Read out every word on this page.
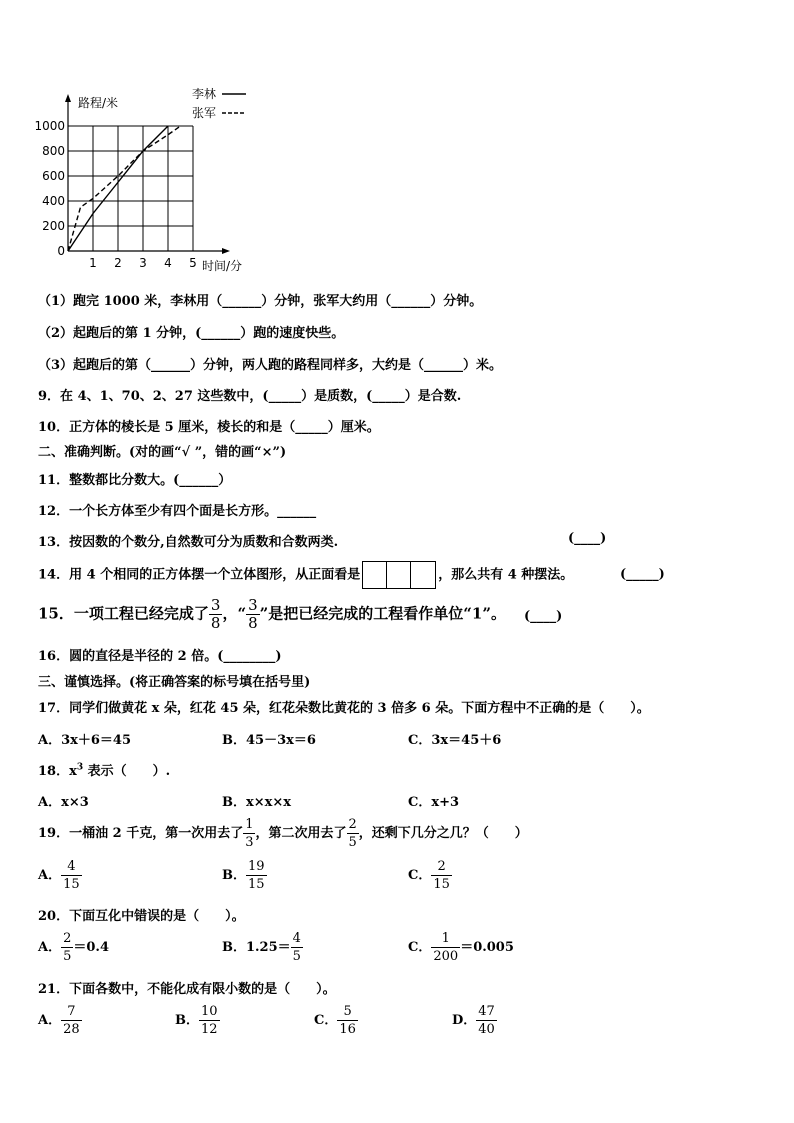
1 2 3 4 5
0
200
400
600
800
1000
路程/米
时间/分
李林
张军
（1）跑完 1000 米，李林用（______）分钟，张军大约用（______）分钟。
（2）起跑后的第 1 分钟，(______）跑的速度快些。
（3）起跑后的第（______）分钟，两人跑的路程同样多，大约是（______）米。
9．在 4、1、70、2、27 这些数中，(_____）是质数，(_____）是合数.
10．正方体的棱长是 5 厘米，棱长的和是（_____）厘米。
二、准确判断。(对的画“√ ”，错的画“×”)
11．整数都比分数大。(______）
12．一个长方体至少有四个面是长方形。______
13．按因数的个数分,自然数可分为质数和合数两类.	(____)
14．用 4 个相同的正方体摆一个立体图形，从正面看是	，那么共有 4 种摆法。	(_____)
15．一项工程已经完成了 $\frac{3}{8}$ ，“ $\frac{3}{8}$ ”是把已经完成的工程看作单位“1”。 (____)
16．圆的直径是半径的 2 倍。(________)
三、谨慎选择。(将正确答案的标号填在括号里)
17．同学们做黄花 x 朵，红花 45 朵，红花朵数比黄花的 3 倍多 6 朵。下面方程中不正确的是（　　）。
A．3x＋6＝45	B．45－3x＝6	C．3x＝45＋6
18．$x^3$ 表示（　　）.
A．x×3	B．x×x×x	C．x+3
19．一桶油 2 千克，第一次用去了 $\frac{1}{3}$ ，第二次用去了 $\frac{2}{5}$ ，还剩下几分之几？（　　）
A． $\frac{4}{15}$	B． $\frac{19}{15}$	C． $\frac{2}{15}$
20．下面互化中错误的是（　　）。
A． $\frac{2}{5} =0.4$	B．$1.25= \frac{4}{5}$	C． $\frac{1}{200} =0.005$
21．下面各数中，不能化成有限小数的是（　　）。
A． $\frac{7}{28}$	B． $\frac{10}{12}$	C． $\frac{5}{16}$	D． $\frac{47}{40}$
